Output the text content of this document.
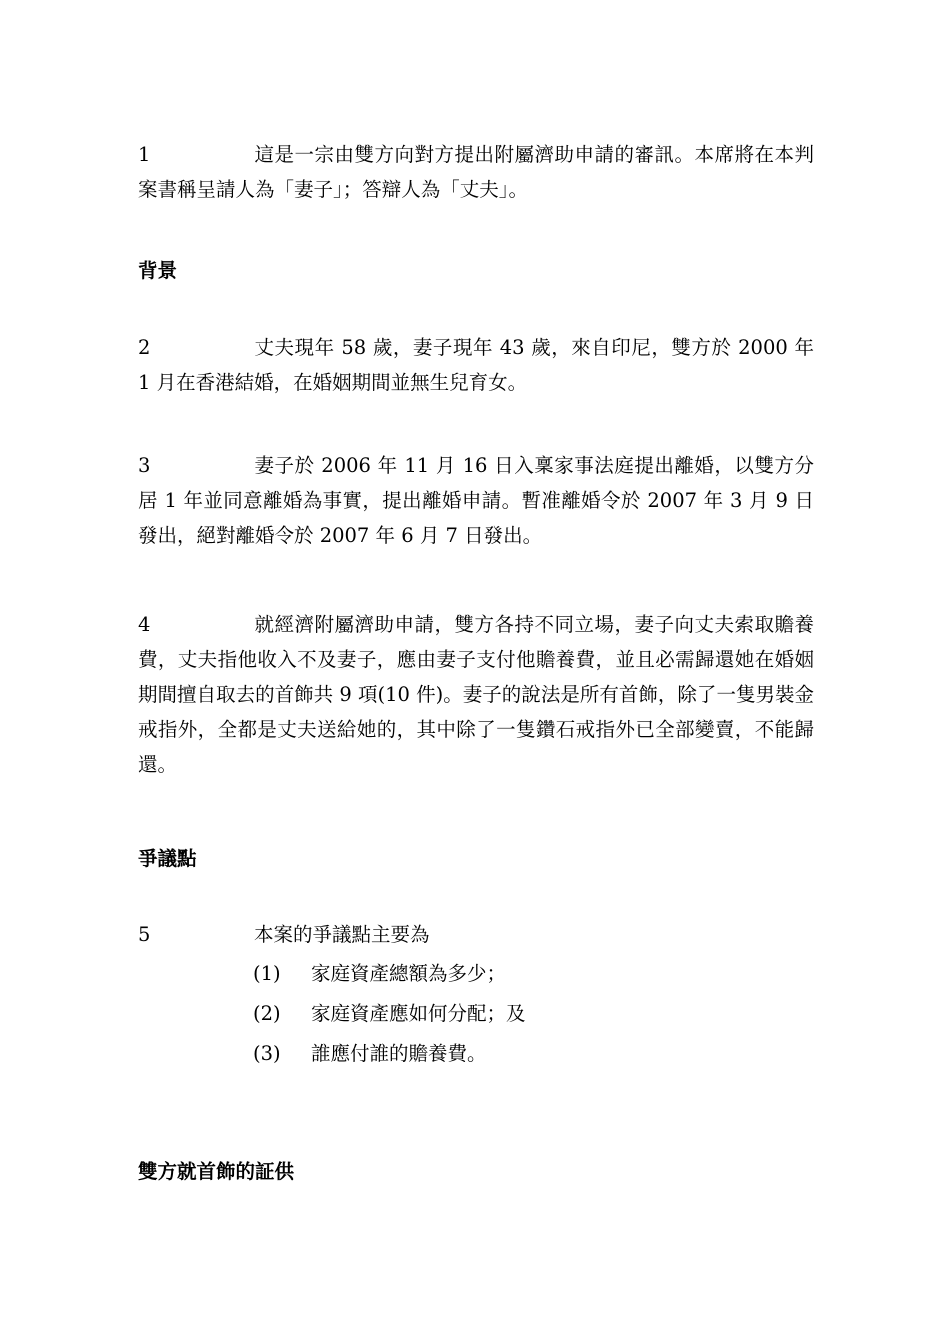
1	這是一宗由雙方向對方提出附屬濟助申請的審訊。本席將在本判案書稱呈請人為「妻子」；答辯人為「丈夫」。
背景
2	丈夫現年 58 歲，妻子現年 43 歲，來自印尼，雙方於 2000 年 1 月在香港結婚，在婚姻期間並無生兒育女。
3	妻子於 2006 年 11 月 16 日入稟家事法庭提出離婚，以雙方分居 1 年並同意離婚為事實，提出離婚申請。暫准離婚令於 2007 年 3 月 9 日發出，絕對離婚令於 2007 年 6 月 7 日發出。
4	就經濟附屬濟助申請，雙方各持不同立場，妻子向丈夫索取贍養費，丈夫指他收入不及妻子，應由妻子支付他贍養費，並且必需歸還她在婚姻期間擅自取去的首飾共 9 項(10 件)。妻子的說法是所有首飾，除了一隻男裝金戒指外，全都是丈夫送給她的，其中除了一隻鑽石戒指外已全部變賣，不能歸還。
爭議點
5	本案的爭議點主要為
(1) 家庭資產總額為多少；
(2) 家庭資產應如何分配；及
(3) 誰應付誰的贍養費。
雙方就首飾的証供
